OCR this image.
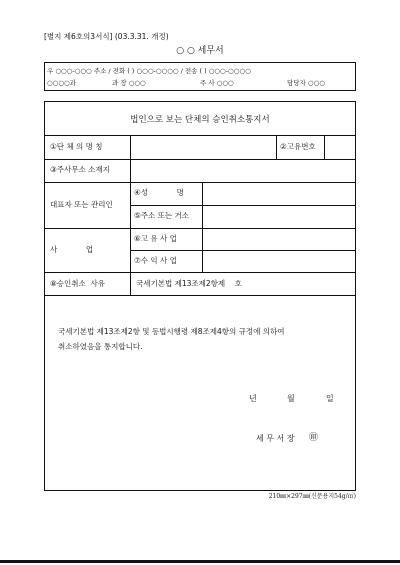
[별지 제6호의3서식] (03.3.31. 개정)
○ ○ 세무서
우 ○○○-○○○ 주소 / 전화 ( ) ○○○-○○○○ / 전송 ( ) ○○○-○○○○
○○○○과	과 장 ○○○	주 사 ○○○	담당자 ○○○
법인으로 보는 단체의 승인취소통지서
①단 체 의 명 칭	②고유번호
③주사무소 소재지
대표자 또는 관리인
④성            명
⑤주소 또는 거소
사            업
⑥고 유 사 업
⑦수 익 사 업
⑧승인취소  사유	국세기본법 제13조제2항제    호
국세기본법 제13조제2항 및 동법시행령 제8조제4항의 규정에 의하여
취소하였음을 통지합니다.
년	월	일
세 무 서 장 ㊞
210㎜×297㎜(신문용지54g/㎡)
